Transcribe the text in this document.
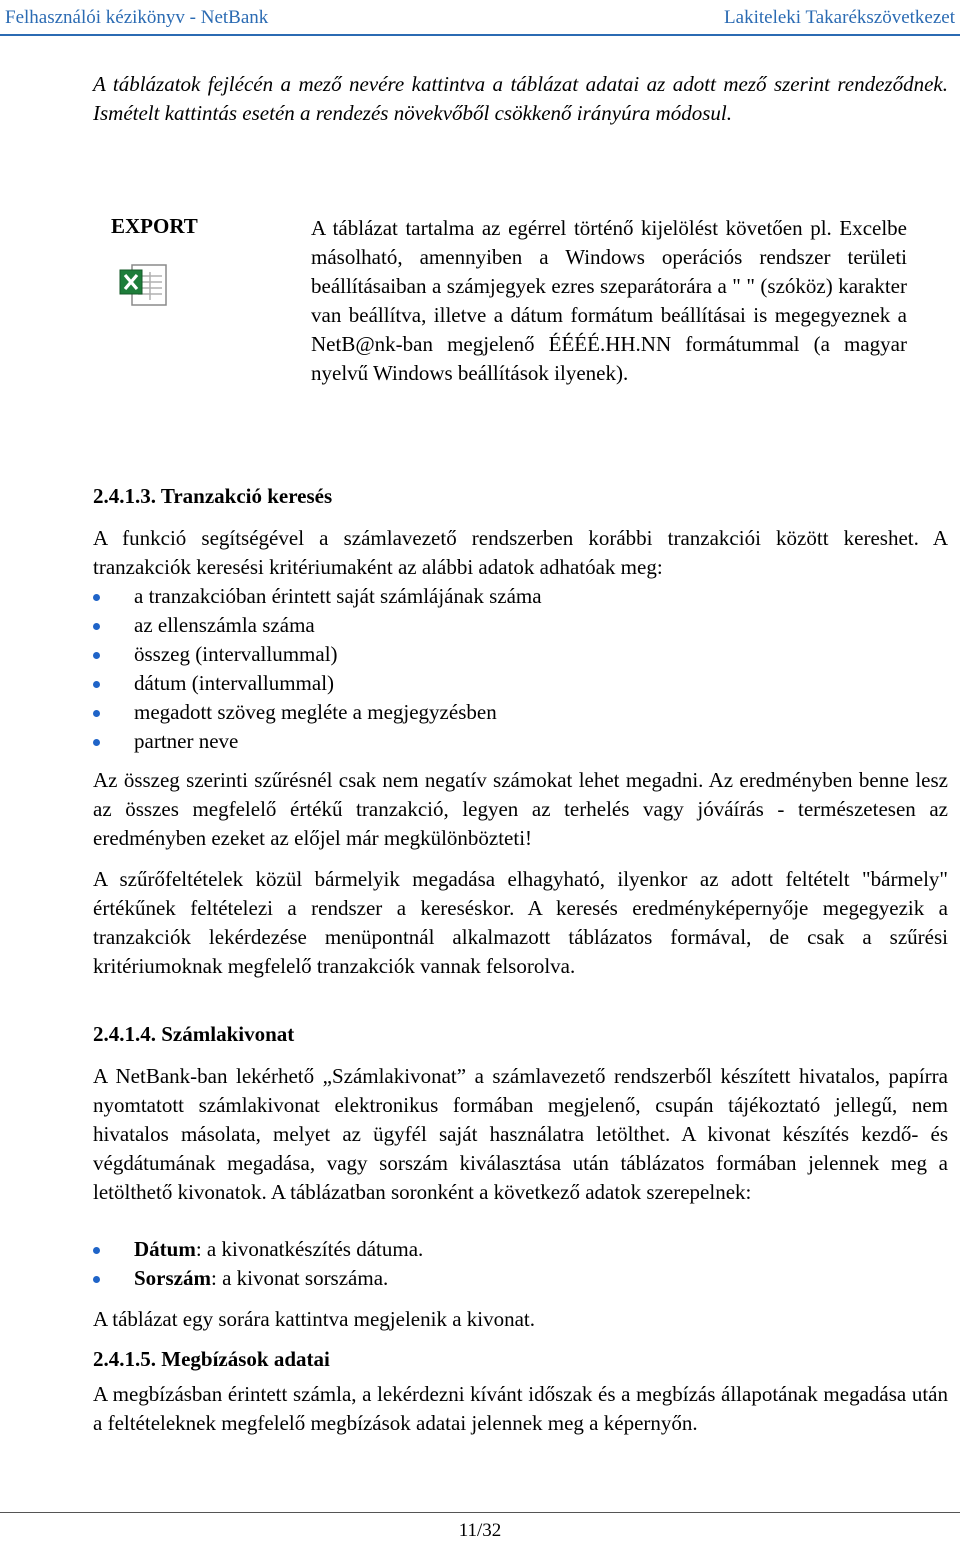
Felhasználói kézikönyv - NetBank	Lakiteleki Takarékszövetkezet
A táblázatok fejlécén a mező nevére kattintva a táblázat adatai az adott mező szerint rendeződnek. Ismételt kattintás esetén a rendezés növekvőből csökkenő irányúra módosul.
EXPORT	A táblázat tartalma az egérrel történő kijelölést követően pl. Excelbe másolható, amennyiben a Windows operációs rendszer területi beállításaiban a számjegyek ezres szeparátorára a " " (szóköz) karakter van beállítva, illetve a dátum formátum beállításai is megegyeznek a NetB@nk-ban megjelenő ÉÉÉÉ.HH.NN formátummal (a magyar nyelvű Windows beállítások ilyenek).
2.4.1.3. Tranzakció keresés
A funkció segítségével a számlavezető rendszerben korábbi tranzakciói között kereshet. A tranzakciók keresési kritériumaként az alábbi adatok adhatóak meg:
a tranzakcióban érintett saját számlájának száma
az ellenszámla száma
összeg (intervallummal)
dátum (intervallummal)
megadott szöveg megléte a megjegyzésben
partner neve
Az összeg szerinti szűrésnél csak nem negatív számokat lehet megadni. Az eredményben benne lesz az összes megfelelő értékű tranzakció, legyen az terhelés vagy jóváírás - természetesen az eredményben ezeket az előjel már megkülönbözteti!
A szűrőfeltételek közül bármelyik megadása elhagyható, ilyenkor az adott feltételt "bármely" értékűnek feltételezi a rendszer a kereséskor. A keresés eredményképernyője megegyezik a tranzakciók lekérdezése menüpontnál alkalmazott táblázatos formával, de csak a szűrési kritériumoknak megfelelő tranzakciók vannak felsorolva.
2.4.1.4. Számlakivonat
A NetBank-ban lekérhető „Számlakivonat” a számlavezető rendszerből készített hivatalos, papírra nyomtatott számlakivonat elektronikus formában megjelenő, csupán tájékoztató jellegű, nem hivatalos másolata, melyet az ügyfél saját használatra letölthet. A kivonat készítés kezdő- és végdátumának megadása, vagy sorszám kiválasztása után táblázatos formában jelennek meg a letölthető kivonatok. A táblázatban soronként a következő adatok szerepelnek:
Dátum: a kivonatkészítés dátuma.
Sorszám: a kivonat sorszáma.
A táblázat egy sorára kattintva megjelenik a kivonat.
2.4.1.5. Megbízások adatai
A megbízásban érintett számla, a lekérdezni kívánt időszak és a megbízás állapotának megadása után a feltételeknek megfelelő megbízások adatai jelennek meg a képernyőn.
11/32
